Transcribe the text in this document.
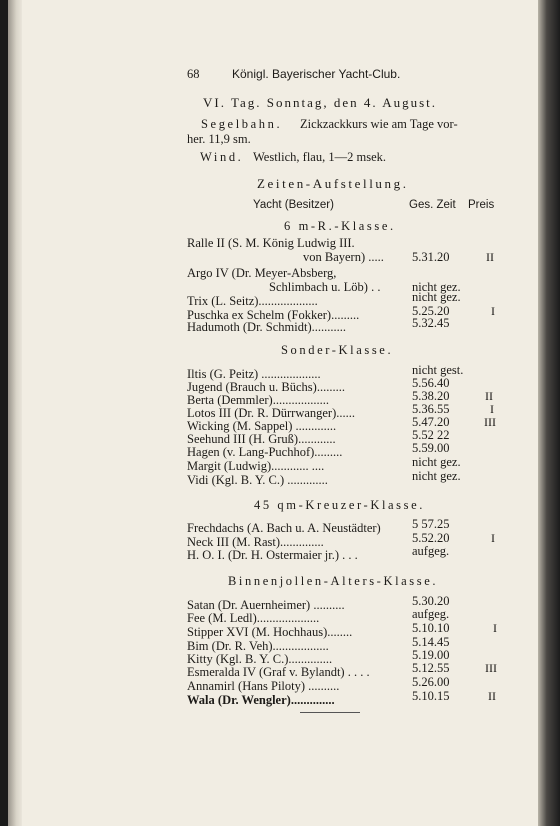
68	Königl. Bayerischer Yacht-Club.
VI. Tag. Sonntag, den 4. August.
Segelbahn. Zickzackkurs wie am Tage vor-
her. 11,9 sm.
Wind. Westlich, flau, 1—2 msek.
Zeiten-Aufstellung.
Yacht (Besitzer)	Ges. Zeit Preis
6 m-R.-Klasse.
Ralle II (S. M. König Ludwig III.
von Bayern) ..... 5.31.20	II
Argo IV (Dr. Meyer-Absberg,
Schlimbach u. Löb) . .	nicht gez.
Trix (L. Seitz)...................	nicht gez.
Puschka ex Schelm (Fokker).........	5.25.20	I
Hadumoth (Dr. Schmidt)...........	5.32.45
Sonder-Klasse.
Iltis (G. Peitz) ...................	nicht gest.
Jugend (Brauch u. Büchs).........	5.56.40
Berta (Demmler)..................	5.38.20	II
Lotos III (Dr. R. Dürrwanger)......	5.36.55	I
Wicking (M. Sappel) .............	5.47.20	III
Seehund III (H. Gruß)............	5.52 22
Hagen (v. Lang-Puchhof).........	5.59.00
Margit (Ludwig)............ ....	nicht gez.
Vidi (Kgl. B. Y. C.) .............	nicht gez.
45 qm-Kreuzer-Klasse.
Frechdachs (A. Bach u. A. Neustädter)	5 57.25
Neck III (M. Rast)..............	5.52.20	I
H. O. I. (Dr. H. Ostermaier jr.) . . .	aufgeg.
Binnenjollen-Alters-Klasse.
Satan (Dr. Auernheimer) ..........	5.30.20
Fee (M. Ledl)....................	aufgeg.
Stipper XVI (M. Hochhaus)........	5.10.10	I
Bim (Dr. R. Veh)..................	5.14.45
Kitty (Kgl. B. Y. C.)..............	5.19.00
Esmeralda IV (Graf v. Bylandt) . . . .	5.12.55	III
Annamirl (Hans Piloty) ..........	5.26.00
Wala (Dr. Wengler)..............	5.10.15	II
